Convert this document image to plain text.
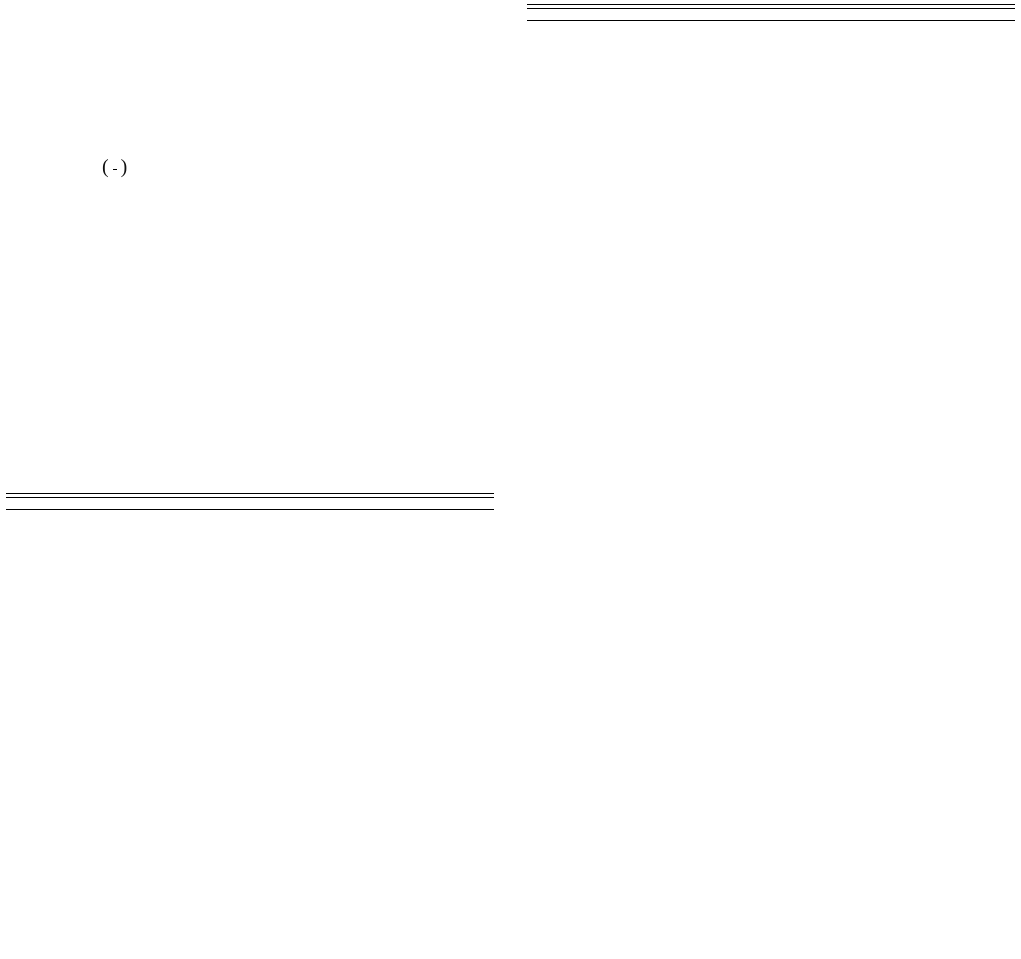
( )
